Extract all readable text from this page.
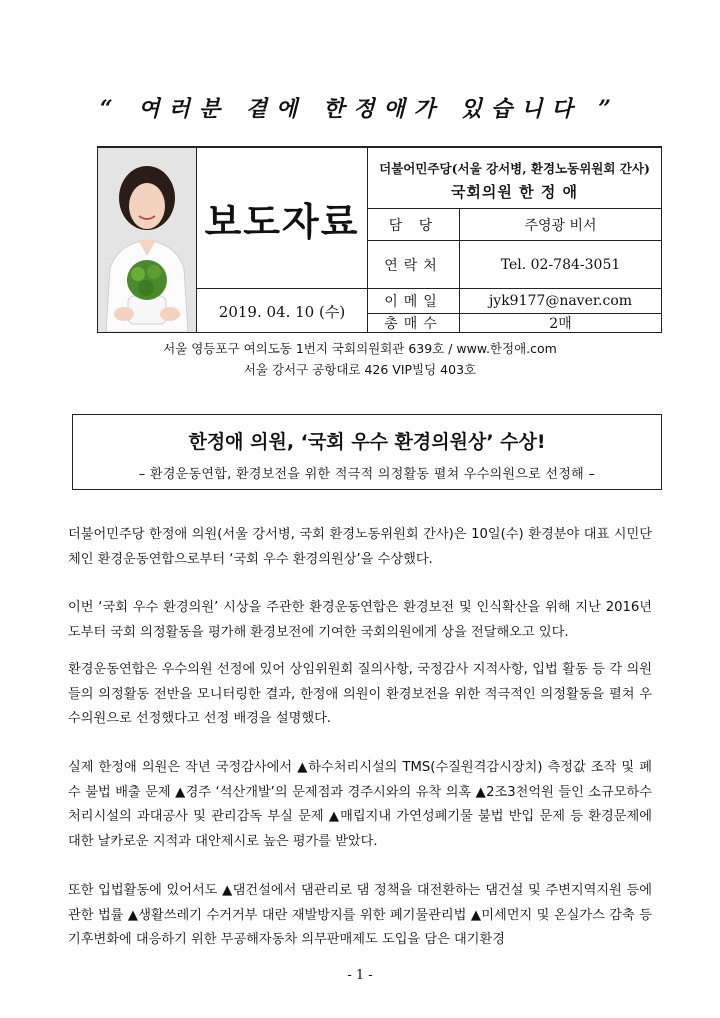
“ 여러분 곁에 한정애가 있습니다 ”
보도자료
2019. 04. 10 (수)
더불어민주당(서울 강서병, 환경노동위원회 간사)
국회의원 한 정 애
담 당	주영광 비서
연락처	Tel. 02-784-3051
이메일	jyk9177@naver.com
총매수	2매
서울 영등포구 여의도동 1번지 국회의원회관 639호 / www.한정애.com
서울 강서구 공항대로 426 VIP빌딩 403호
한정애 의원, ‘국회 우수 환경의원상’ 수상!
– 환경운동연합, 환경보전을 위한 적극적 의정활동 펼쳐 우수의원으로 선정해 –
더불어민주당 한정애 의원(서울 강서병, 국회 환경노동위원회 간사)은 10일(수) 환경분야 대표 시민단체인 환경운동연합으로부터 ‘국회 우수 환경의원상’을 수상했다.
이번 ‘국회 우수 환경의원’ 시상을 주관한 환경운동연합은 환경보전 및 인식확산을 위해 지난 2016년도부터 국회 의정활동을 평가해 환경보전에 기여한 국회의원에게 상을 전달해오고 있다.
환경운동연합은 우수의원 선정에 있어 상임위원회 질의사항, 국정감사 지적사항, 입법 활동 등 각 의원들의 의정활동 전반을 모니터링한 결과, 한정애 의원이 환경보전을 위한 적극적인 의정활동을 펼쳐 우수의원으로 선정했다고 선정 배경을 설명했다.
실제 한정애 의원은 작년 국정감사에서 ▲하수처리시설의 TMS(수질원격감시장치) 측정값 조작 및 폐수 불법 배출 문제 ▲경주 ‘석산개발’의 문제점과 경주시와의 유착 의혹 ▲2조3천억원 들인 소규모하수처리시설의 과대공사 및 관리감독 부실 문제 ▲매립지내 가연성폐기물 불법 반입 문제 등 환경문제에 대한 날카로운 지적과 대안제시로 높은 평가를 받았다.
또한 입법활동에 있어서도 ▲댐건설에서 댐관리로 댐 정책을 대전환하는 댐건설 및 주변지역지원 등에 관한 법률 ▲생활쓰레기 수거거부 대란 재발방지를 위한 폐기물관리법 ▲미세먼지 및 온실가스 감축 등 기후변화에 대응하기 위한 무공해자동차 의무판매제도 도입을 담은 대기환경
- 1 -
